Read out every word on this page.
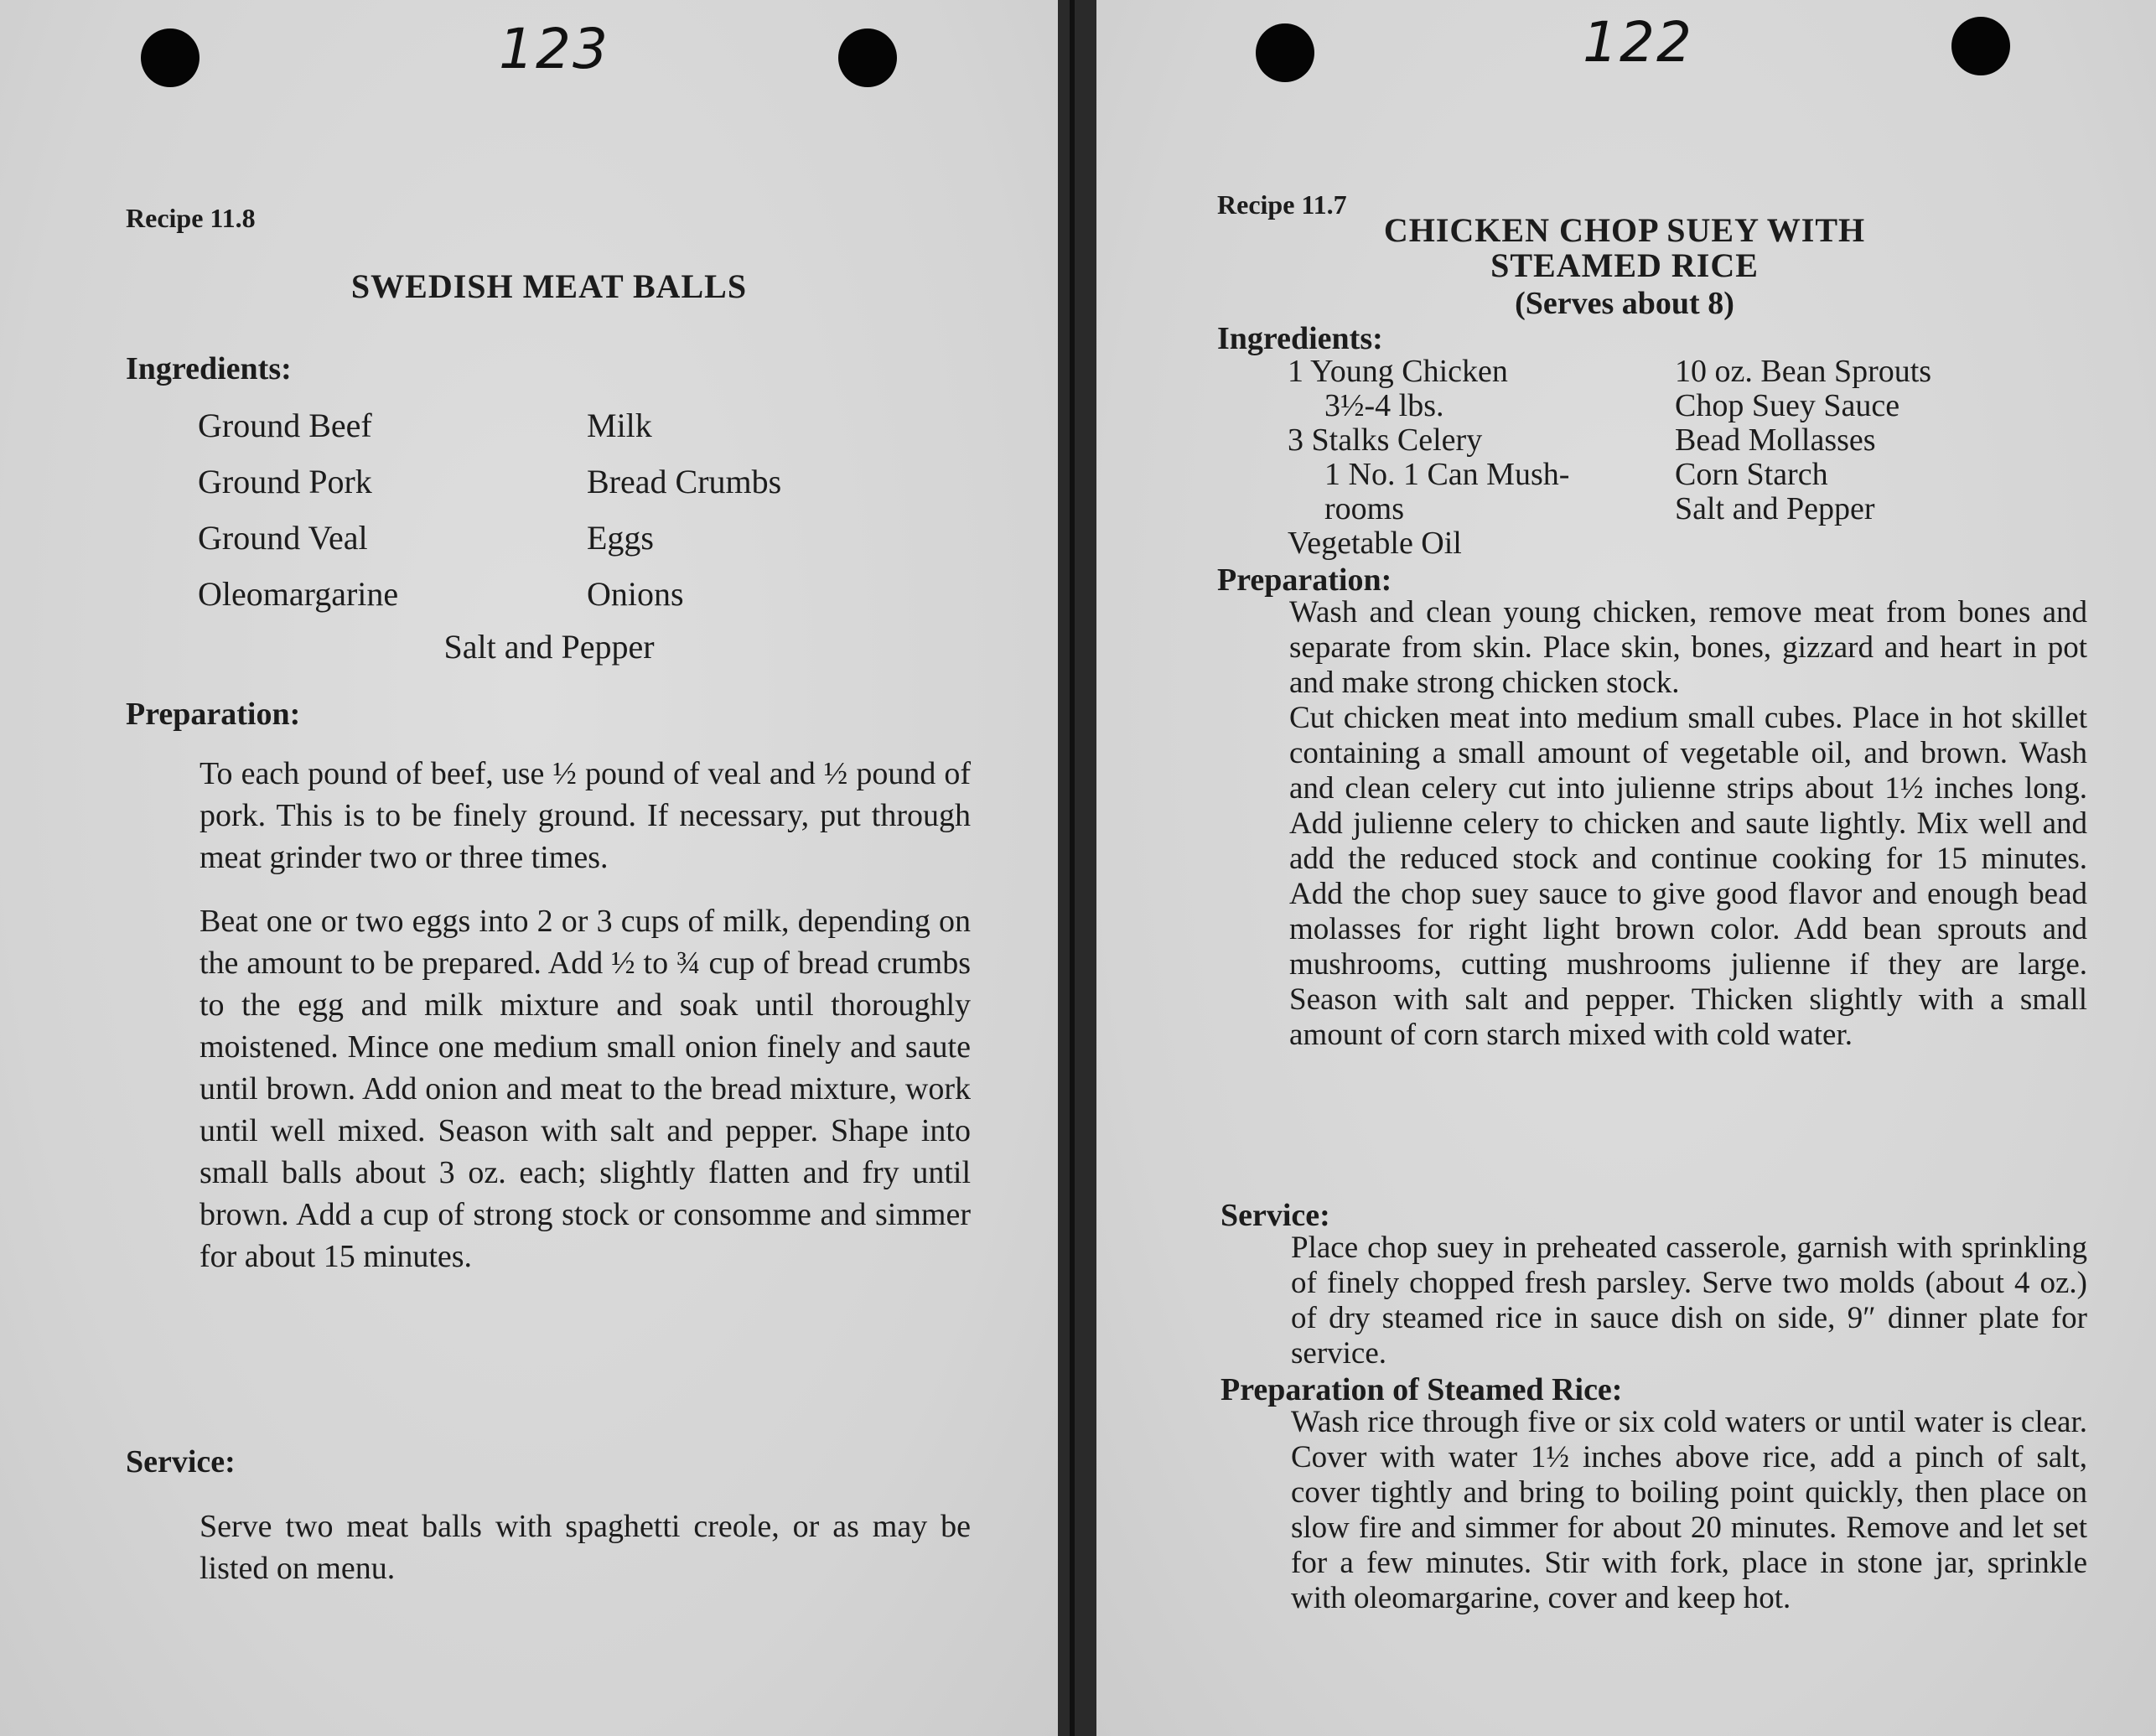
123
Recipe 11.8
SWEDISH MEAT BALLS
Ingredients:
Ground Beef
Ground Pork
Ground Veal
Oleomargarine
Milk
Bread Crumbs
Eggs
Onions
Salt and Pepper
Preparation:

To each pound of beef, use ½ pound of veal and ½ pound of pork. This is to be finely ground. If necessary, put through meat grinder two or three times.

Beat one or two eggs into 2 or 3 cups of milk, depending on the amount to be prepared. Add ½ to ¾ cup of bread crumbs to the egg and milk mixture and soak until thoroughly moistened. Mince one medium small onion finely and saute until brown. Add onion and meat to the bread mixture, work until well mixed. Season with salt and pepper. Shape into small balls about 3 oz. each; slightly flatten and fry until brown. Add a cup of strong stock or consomme and simmer for about 15 minutes.

Service:
Serve two meat balls with spaghetti creole, or as may be listed on menu.
122
Recipe 11.7
CHICKEN CHOP SUEY WITH
STEAMED RICE
(Serves about 8)
Ingredients:
1 Young Chicken
3½-4 lbs.
3 Stalks Celery
1 No. 1 Can Mush-
rooms
Vegetable Oil
10 oz. Bean Sprouts
Chop Suey Sauce
Bead Mollasses
Corn Starch
Salt and Pepper
Preparation:

Wash and clean young chicken, remove meat from bones and separate from skin. Place skin, bones, gizzard and heart in pot and make strong chicken stock.

Cut chicken meat into medium small cubes. Place in hot skillet containing a small amount of vegetable oil, and brown. Wash and clean celery cut into julienne strips about 1½ inches long. Add julienne celery to chicken and saute lightly. Mix well and add the reduced stock and continue cooking for 15 minutes. Add the chop suey sauce to give good flavor and enough bead molasses for right light brown color. Add bean sprouts and mushrooms, cutting mushrooms julienne if they are large. Season with salt and pepper. Thicken slightly with a small amount of corn starch mixed with cold water.

Service:

Place chop suey in preheated casserole, garnish with sprinkling of finely chopped fresh parsley. Serve two molds (about 4 oz.) of dry steamed rice in sauce dish on side, 9″ dinner plate for service.

Preparation of Steamed Rice:

Wash rice through five or six cold waters or until water is clear. Cover with water 1½ inches above rice, add a pinch of salt, cover tightly and bring to boiling point quickly, then place on slow fire and simmer for about 20 minutes. Remove and let set for a few minutes. Stir with fork, place in stone jar, sprinkle with oleomargarine, cover and keep hot.
